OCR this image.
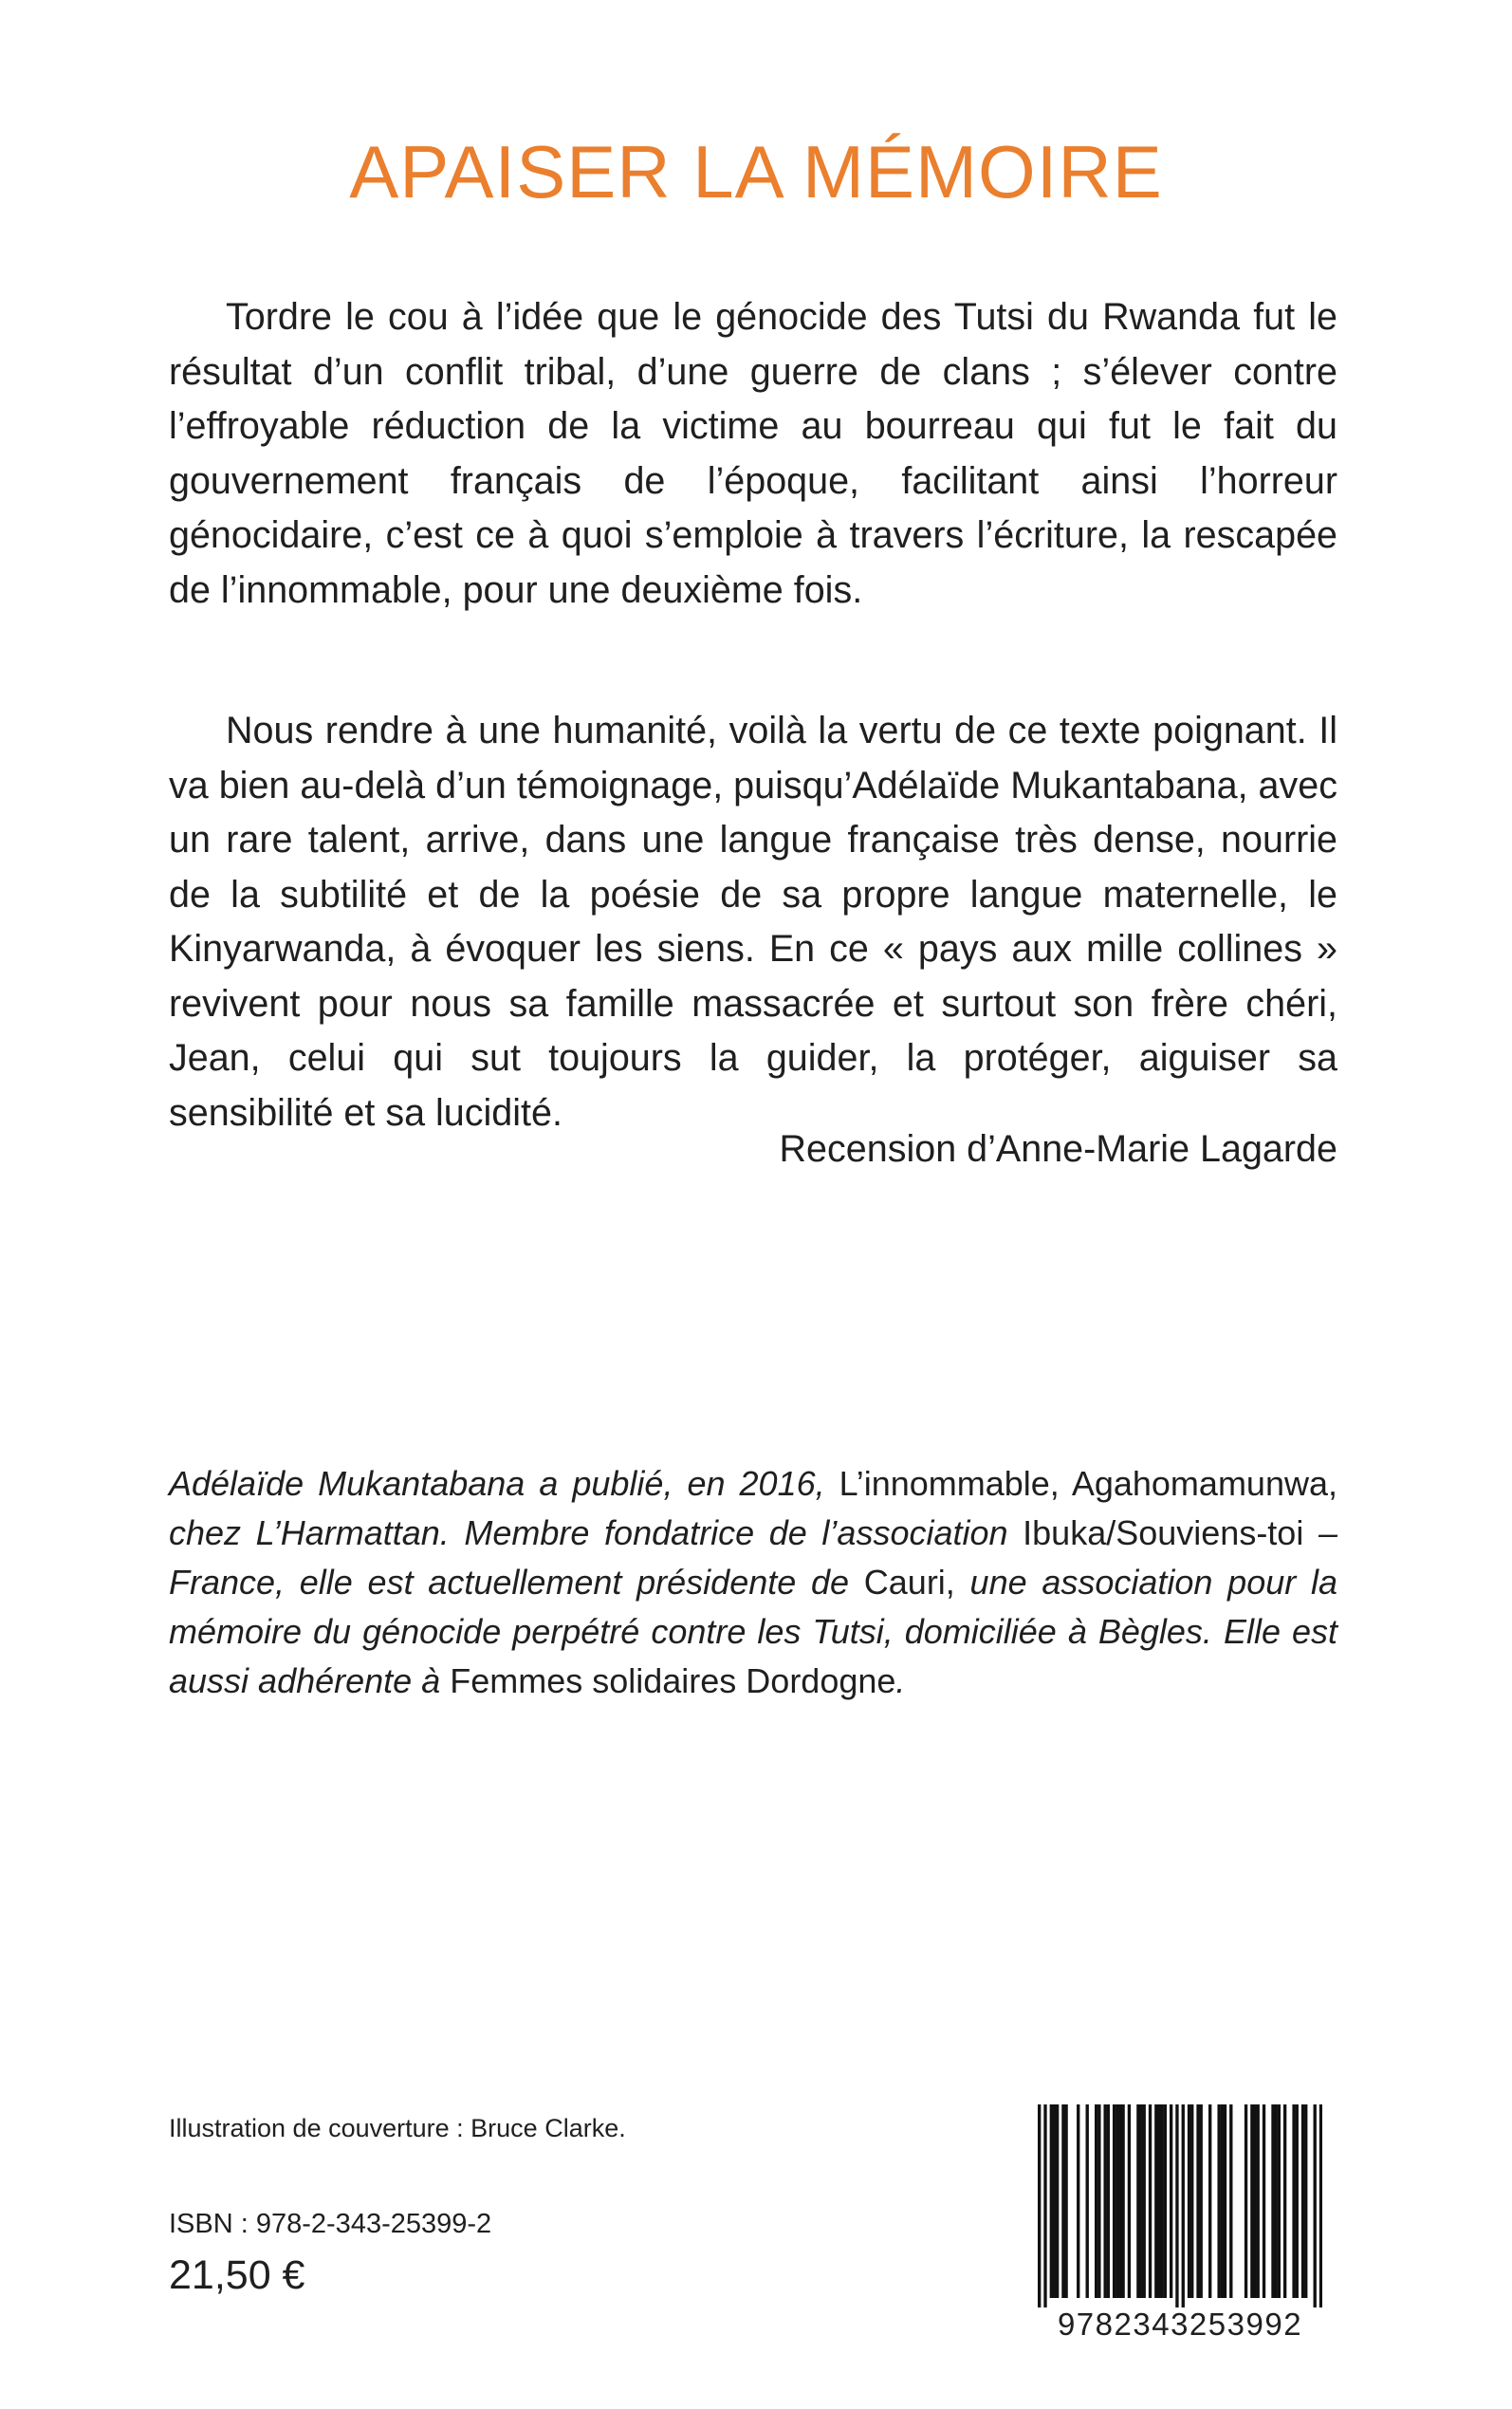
APAISER LA MÉMOIRE

Tordre le cou à l’idée que le génocide des Tutsi du Rwanda fut le résultat d’un conflit tribal, d’une guerre de clans ; s’élever contre l’effroyable réduction de la victime au bourreau qui fut le fait du gouvernement français de l’époque, facilitant ainsi l’horreur génocidaire, c’est ce à quoi s’emploie à travers l’écriture, la rescapée de l’innommable, pour une deuxième fois.

Nous rendre à une humanité, voilà la vertu de ce texte poignant. Il va bien au-delà d’un témoignage, puisqu’Adélaïde Mukantabana, avec un rare talent, arrive, dans une langue française très dense, nourrie de la subtilité et de la poésie de sa propre langue maternelle, le Kinyarwanda, à évoquer les siens. En ce « pays aux mille collines » revivent pour nous sa famille massacrée et surtout son frère chéri, Jean, celui qui sut toujours la guider, la protéger, aiguiser sa sensibilité et sa lucidité.

Recension d’Anne-Marie Lagarde

Adélaïde Mukantabana a publié, en 2016, L’innommable, Agahomamunwa, chez L’Harmattan. Membre fondatrice de l’association Ibuka/Souviens-toi – France, elle est actuellement présidente de Cauri, une association pour la mémoire du génocide perpétré contre les Tutsi, domiciliée à Bègles. Elle est aussi adhérente à Femmes solidaires Dordogne.

Illustration de couverture : Bruce Clarke.

ISBN : 978-2-343-25399-2

21,50 €

9782343253992
